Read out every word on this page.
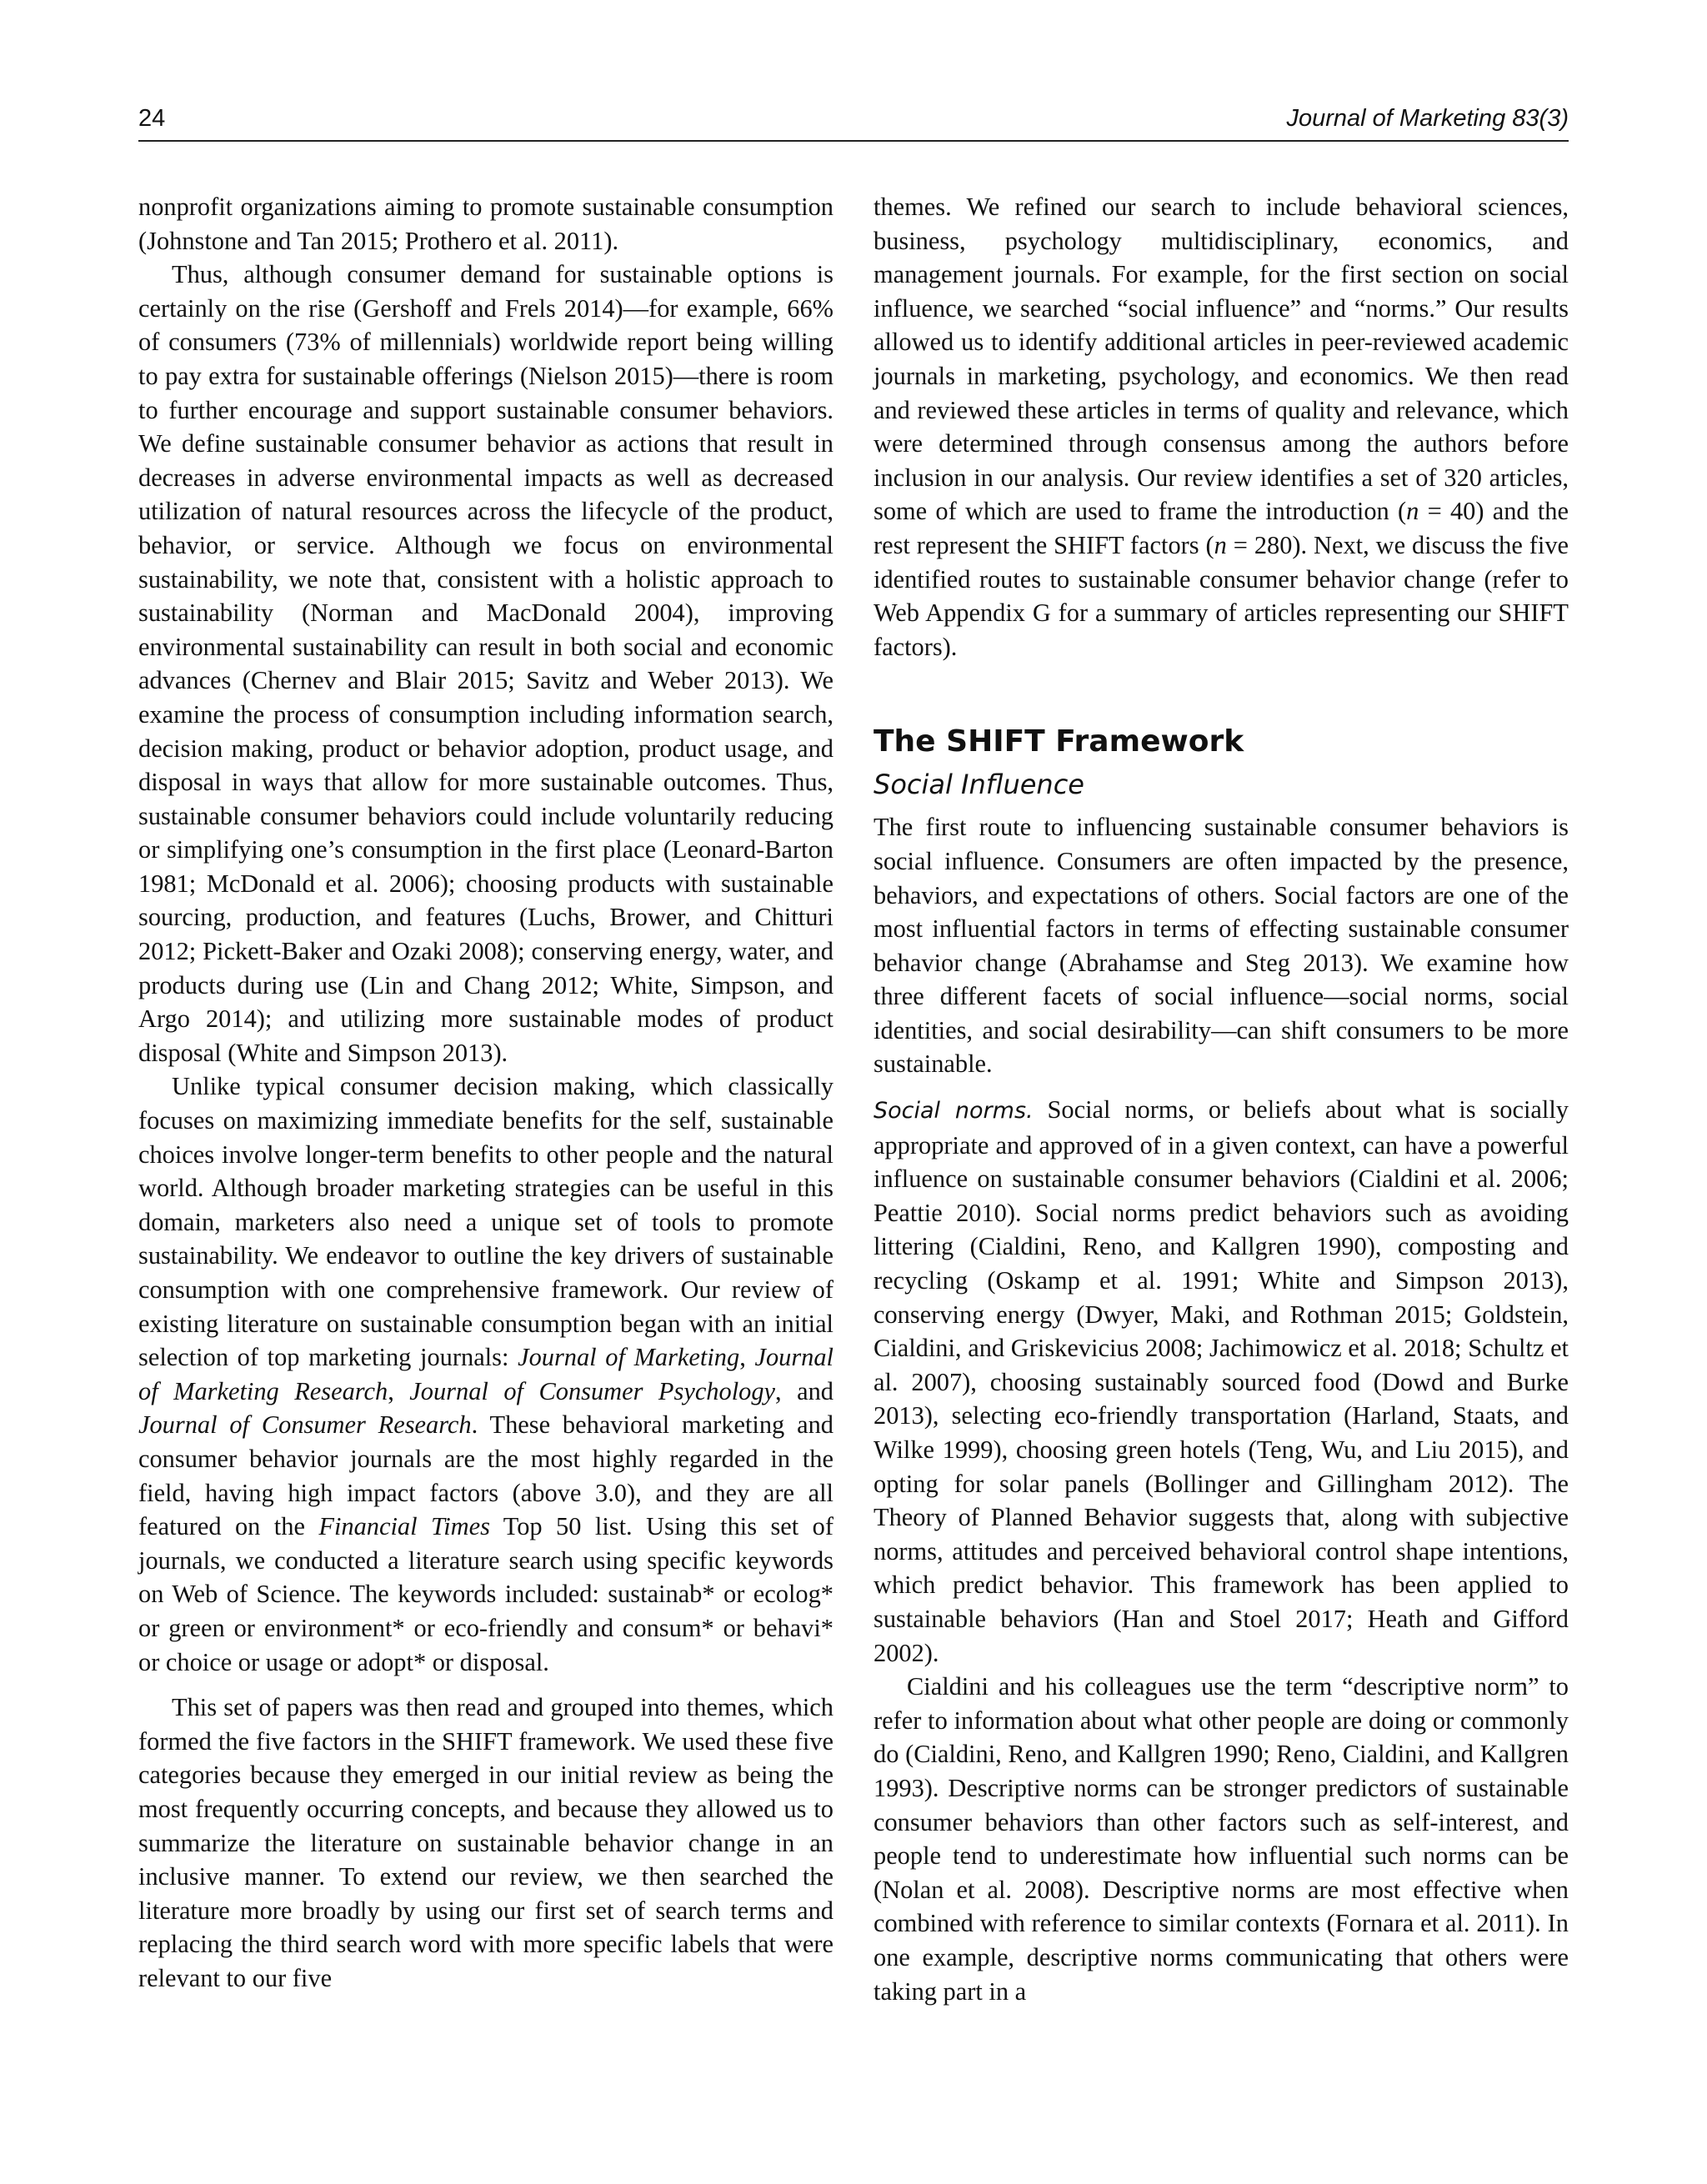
24	Journal of Marketing 83(3)

nonprofit organizations aiming to promote sustainable consumption (Johnstone and Tan 2015; Prothero et al. 2011).

Thus, although consumer demand for sustainable options is certainly on the rise (Gershoff and Frels 2014)—for example, 66% of consumers (73% of millennials) worldwide report being willing to pay extra for sustainable offerings (Nielson 2015)—there is room to further encourage and support sustainable consumer behaviors. We define sustainable consumer behavior as actions that result in decreases in adverse environmental impacts as well as decreased utilization of natural resources across the lifecycle of the product, behavior, or service. Although we focus on environmental sustainability, we note that, consistent with a holistic approach to sustainability (Norman and MacDonald 2004), improving environmental sustainability can result in both social and economic advances (Chernev and Blair 2015; Savitz and Weber 2013). We examine the process of consumption including information search, decision making, product or behavior adoption, product usage, and disposal in ways that allow for more sustainable outcomes. Thus, sustainable consumer behaviors could include voluntarily reducing or simplifying one’s consumption in the first place (Leonard-Barton 1981; McDonald et al. 2006); choosing products with sustainable sourcing, production, and features (Luchs, Brower, and Chitturi 2012; Pickett-Baker and Ozaki 2008); conserving energy, water, and products during use (Lin and Chang 2012; White, Simpson, and Argo 2014); and utilizing more sustainable modes of product disposal (White and Simpson 2013).

Unlike typical consumer decision making, which classically focuses on maximizing immediate benefits for the self, sustainable choices involve longer-term benefits to other people and the natural world. Although broader marketing strategies can be useful in this domain, marketers also need a unique set of tools to promote sustainability. We endeavor to outline the key drivers of sustainable consumption with one comprehensive framework. Our review of existing literature on sustainable consumption began with an initial selection of top marketing journals: Journal of Marketing, Journal of Marketing Research, Journal of Consumer Psychology, and Journal of Consumer Research. These behavioral marketing and consumer behavior journals are the most highly regarded in the field, having high impact factors (above 3.0), and they are all featured on the Financial Times Top 50 list. Using this set of journals, we conducted a literature search using specific keywords on Web of Science. The keywords included: sustainab* or ecolog* or green or environment* or eco-friendly and consum* or behavi* or choice or usage or adopt* or disposal.

This set of papers was then read and grouped into themes, which formed the five factors in the SHIFT framework. We used these five categories because they emerged in our initial review as being the most frequently occurring concepts, and because they allowed us to summarize the literature on sustainable behavior change in an inclusive manner. To extend our review, we then searched the literature more broadly by using our first set of search terms and replacing the third search word with more specific labels that were relevant to our five

themes. We refined our search to include behavioral sciences, business, psychology multidisciplinary, economics, and management journals. For example, for the first section on social influence, we searched “social influence” and “norms.” Our results allowed us to identify additional articles in peer-reviewed academic journals in marketing, psychology, and economics. We then read and reviewed these articles in terms of quality and relevance, which were determined through consensus among the authors before inclusion in our analysis. Our review identifies a set of 320 articles, some of which are used to frame the introduction (n = 40) and the rest represent the SHIFT factors (n = 280). Next, we discuss the five identified routes to sustainable consumer behavior change (refer to Web Appendix G for a summary of articles representing our SHIFT factors).

The SHIFT Framework
Social Influence

The first route to influencing sustainable consumer behaviors is social influence. Consumers are often impacted by the presence, behaviors, and expectations of others. Social factors are one of the most influential factors in terms of effecting sustainable consumer behavior change (Abrahamse and Steg 2013). We examine how three different facets of social influence—social norms, social identities, and social desirability—can shift consumers to be more sustainable.

Social norms. Social norms, or beliefs about what is socially appropriate and approved of in a given context, can have a powerful influence on sustainable consumer behaviors (Cialdini et al. 2006; Peattie 2010). Social norms predict behaviors such as avoiding littering (Cialdini, Reno, and Kallgren 1990), composting and recycling (Oskamp et al. 1991; White and Simpson 2013), conserving energy (Dwyer, Maki, and Rothman 2015; Goldstein, Cialdini, and Griskevicius 2008; Jachimowicz et al. 2018; Schultz et al. 2007), choosing sustainably sourced food (Dowd and Burke 2013), selecting eco-friendly transportation (Harland, Staats, and Wilke 1999), choosing green hotels (Teng, Wu, and Liu 2015), and opting for solar panels (Bollinger and Gillingham 2012). The Theory of Planned Behavior suggests that, along with subjective norms, attitudes and perceived behavioral control shape intentions, which predict behavior. This framework has been applied to sustainable behaviors (Han and Stoel 2017; Heath and Gifford 2002).

Cialdini and his colleagues use the term “descriptive norm” to refer to information about what other people are doing or commonly do (Cialdini, Reno, and Kallgren 1990; Reno, Cialdini, and Kallgren 1993). Descriptive norms can be stronger predictors of sustainable consumer behaviors than other factors such as self-interest, and people tend to underestimate how influential such norms can be (Nolan et al. 2008). Descriptive norms are most effective when combined with reference to similar contexts (Fornara et al. 2011). In one example, descriptive norms communicating that others were taking part in a
